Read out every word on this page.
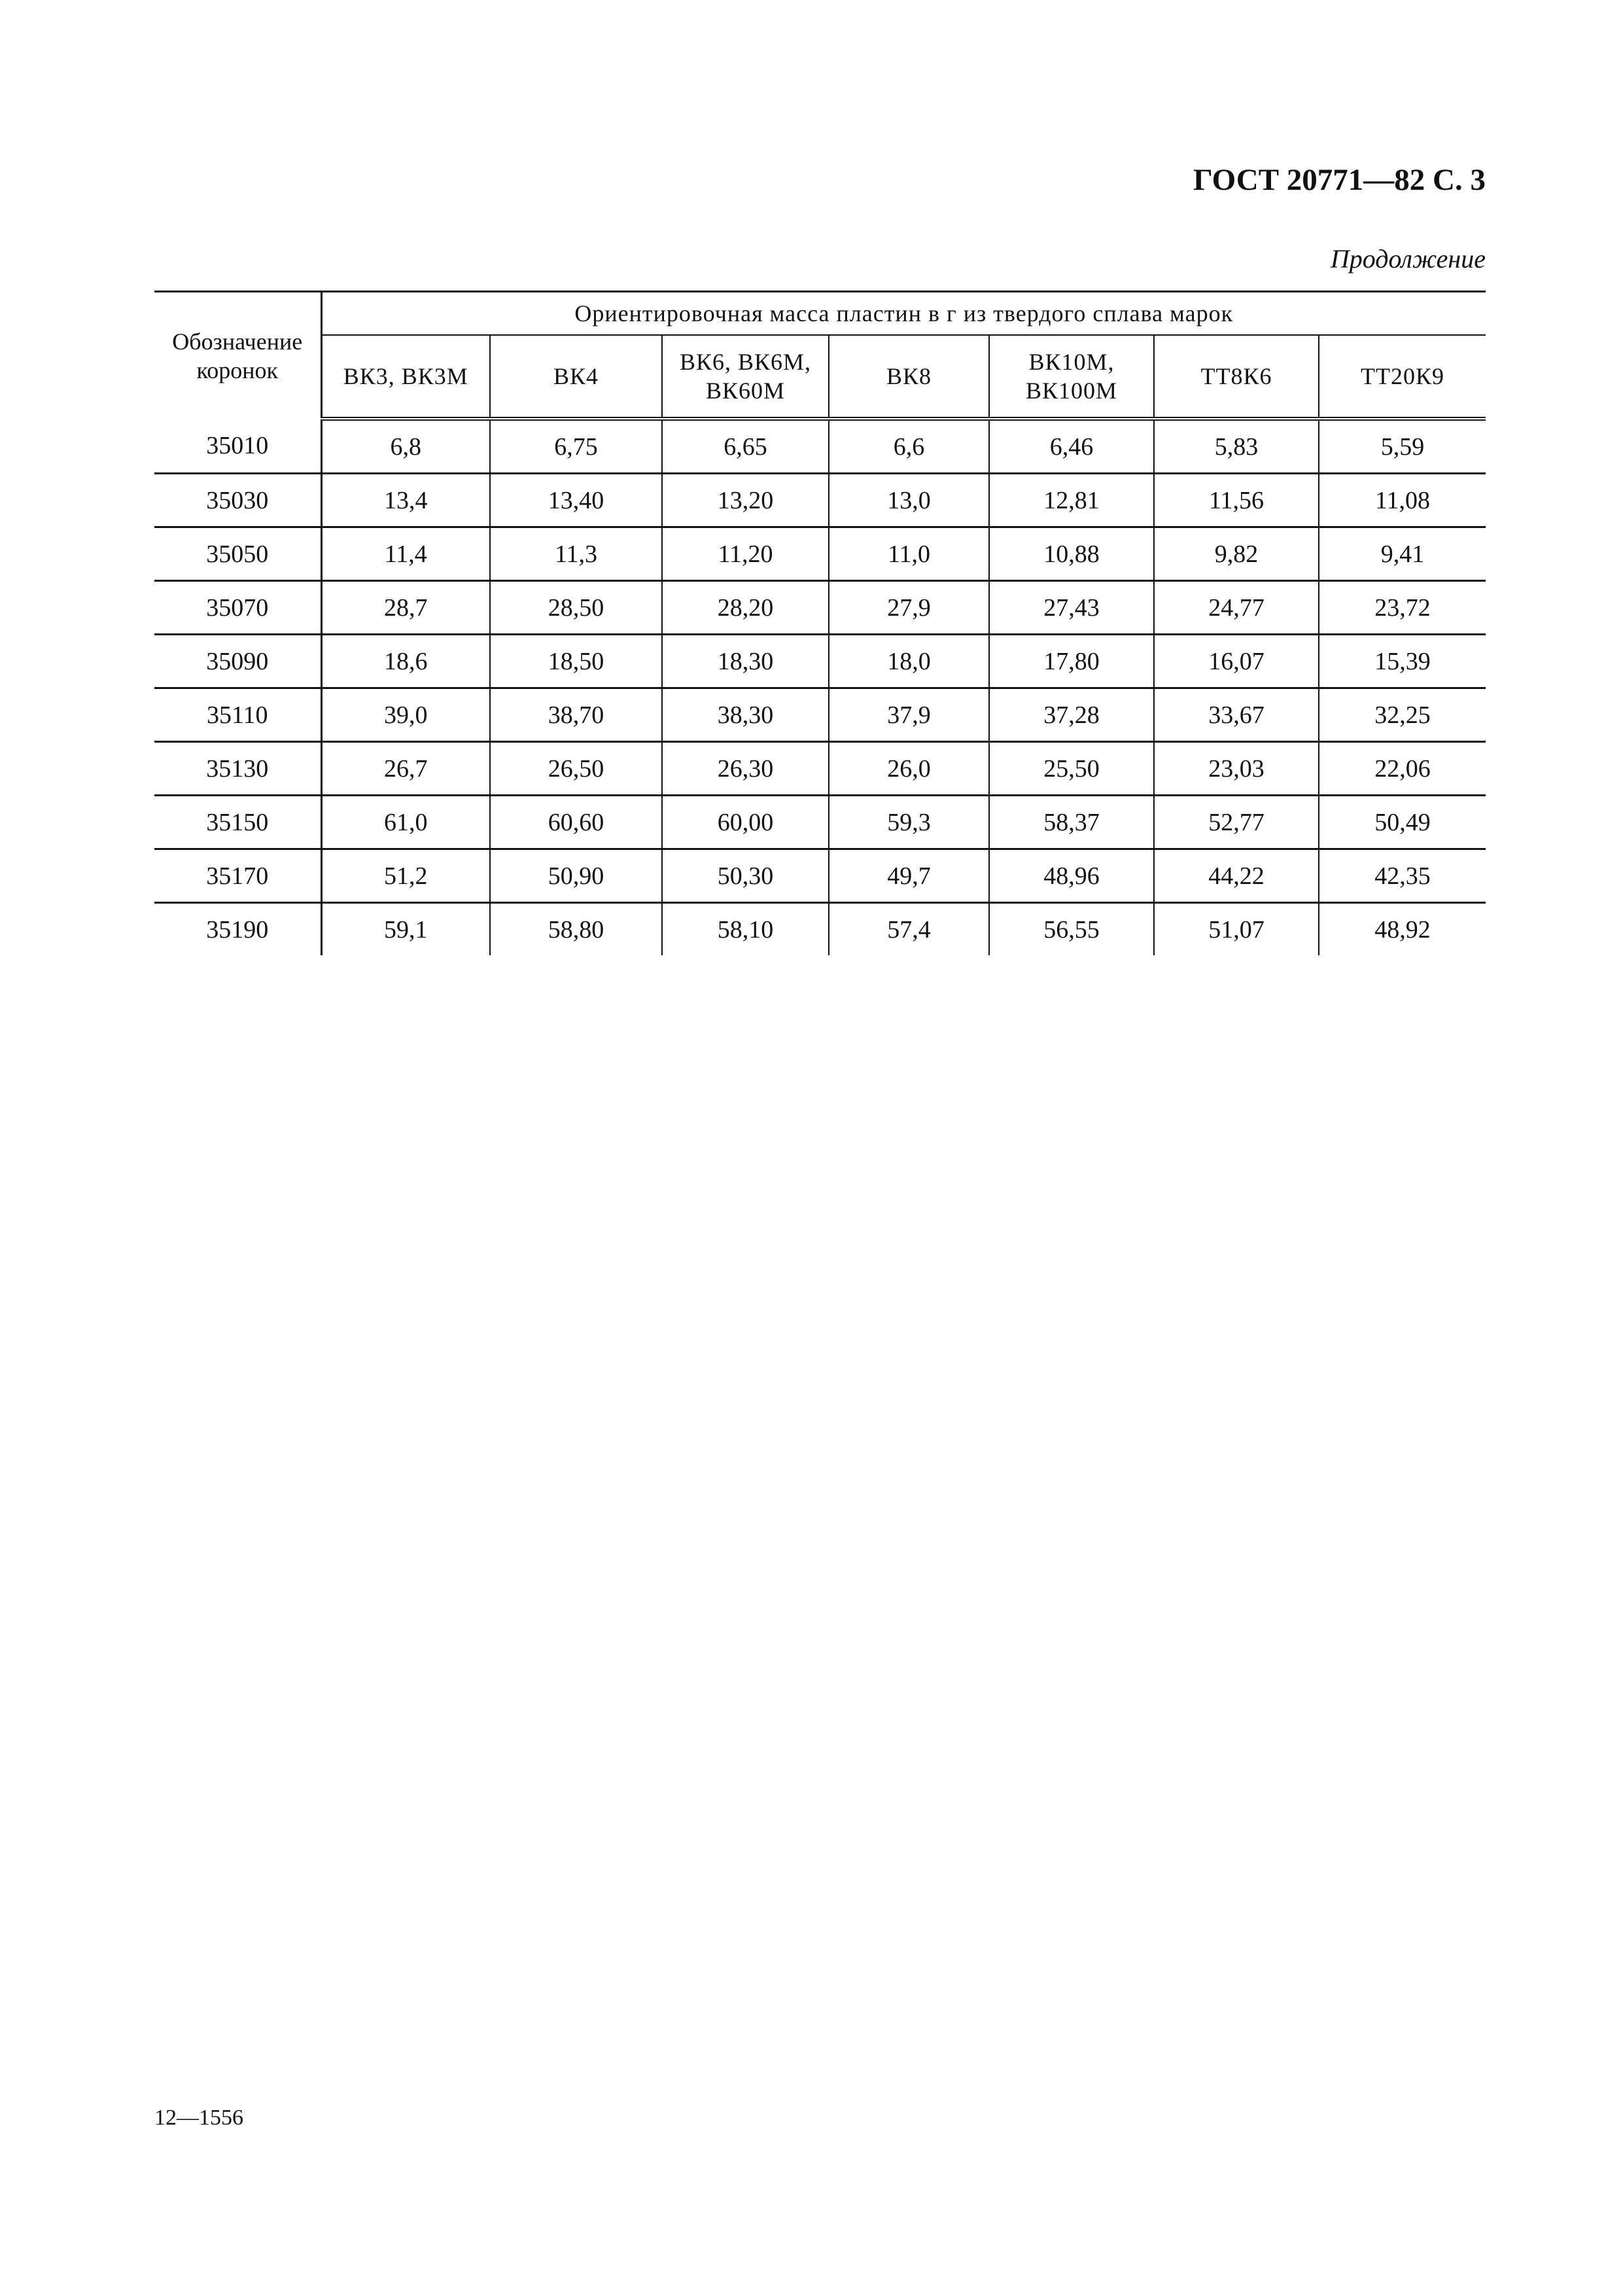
ГОСТ 20771—82 С. 3
Продолжение
Обозначение коронок	Ориентировочная масса пластин в г из твердого сплава марок						
	ВК3, ВК3М	ВК4	ВК6, ВК6М, ВК60М	ВК8	ВК10М, ВК100М	ТТ8К6	ТТ20К9
35010	6,8	6,75	6,65	6,6	6,46	5,83	5,59
35030	13,4	13,40	13,20	13,0	12,81	11,56	11,08
35050	11,4	11,3	11,20	11,0	10,88	9,82	9,41
35070	28,7	28,50	28,20	27,9	27,43	24,77	23,72
35090	18,6	18,50	18,30	18,0	17,80	16,07	15,39
35110	39,0	38,70	38,30	37,9	37,28	33,67	32,25
35130	26,7	26,50	26,30	26,0	25,50	23,03	22,06
35150	61,0	60,60	60,00	59,3	58,37	52,77	50,49
35170	51,2	50,90	50,30	49,7	48,96	44,22	42,35
35190	59,1	58,80	58,10	57,4	56,55	51,07	48,92
12—1556
